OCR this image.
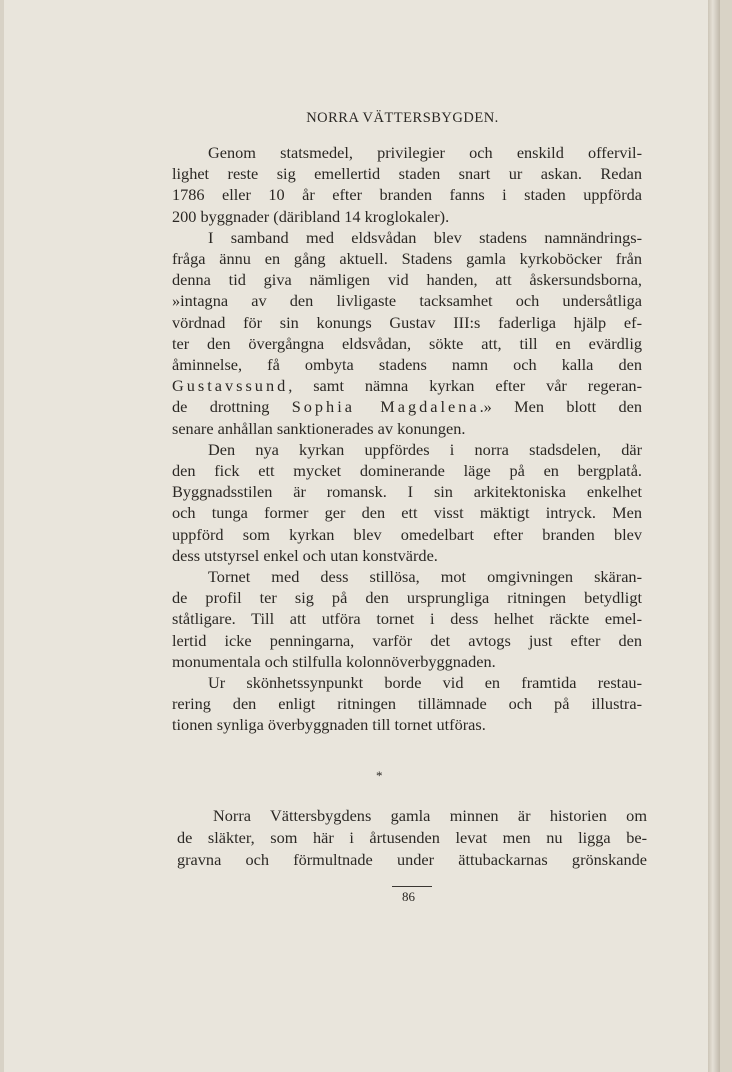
NORRA VÄTTERSBYGDEN.
Genom statsmedel, privilegier och enskild offervil-
lighet reste sig emellertid staden snart ur askan. Redan
1786 eller 10 år efter branden fanns i staden uppförda
200 byggnader (däribland 14 kroglokaler).
I samband med eldsvådan blev stadens namnändrings-
fråga ännu en gång aktuell. Stadens gamla kyrkoböcker från
denna tid giva nämligen vid handen, att åskersundsborna,
»intagna av den livligaste tacksamhet och undersåtliga
vördnad för sin konungs Gustav III:s faderliga hjälp ef-
ter den övergångna eldsvådan, sökte att, till en evärdlig
åminnelse, få ombyta stadens namn och kalla den
Gustavssund, samt nämna kyrkan efter vår regeran-
de drottning Sophia Magdalena.» Men blott den
senare anhållan sanktionerades av konungen.
Den nya kyrkan uppfördes i norra stadsdelen, där
den fick ett mycket dominerande läge på en bergplatå.
Byggnadsstilen är romansk. I sin arkitektoniska enkelhet
och tunga former ger den ett visst mäktigt intryck. Men
uppförd som kyrkan blev omedelbart efter branden blev
dess utstyrsel enkel och utan konstvärde.
Tornet med dess stillösa, mot omgivningen skäran-
de profil ter sig på den ursprungliga ritningen betydligt
ståtligare. Till att utföra tornet i dess helhet räckte emel-
lertid icke penningarna, varför det avtogs just efter den
monumentala och stilfulla kolonnöverbyggnaden.
Ur skönhetssynpunkt borde vid en framtida restau-
rering den enligt ritningen tillämnade och på illustra-
tionen synliga överbyggnaden till tornet utföras.
*
Norra Vättersbygdens gamla minnen är historien om
de släkter, som här i årtusenden levat men nu ligga be-
gravna och förmultnade under ättubackarnas grönskande
86
